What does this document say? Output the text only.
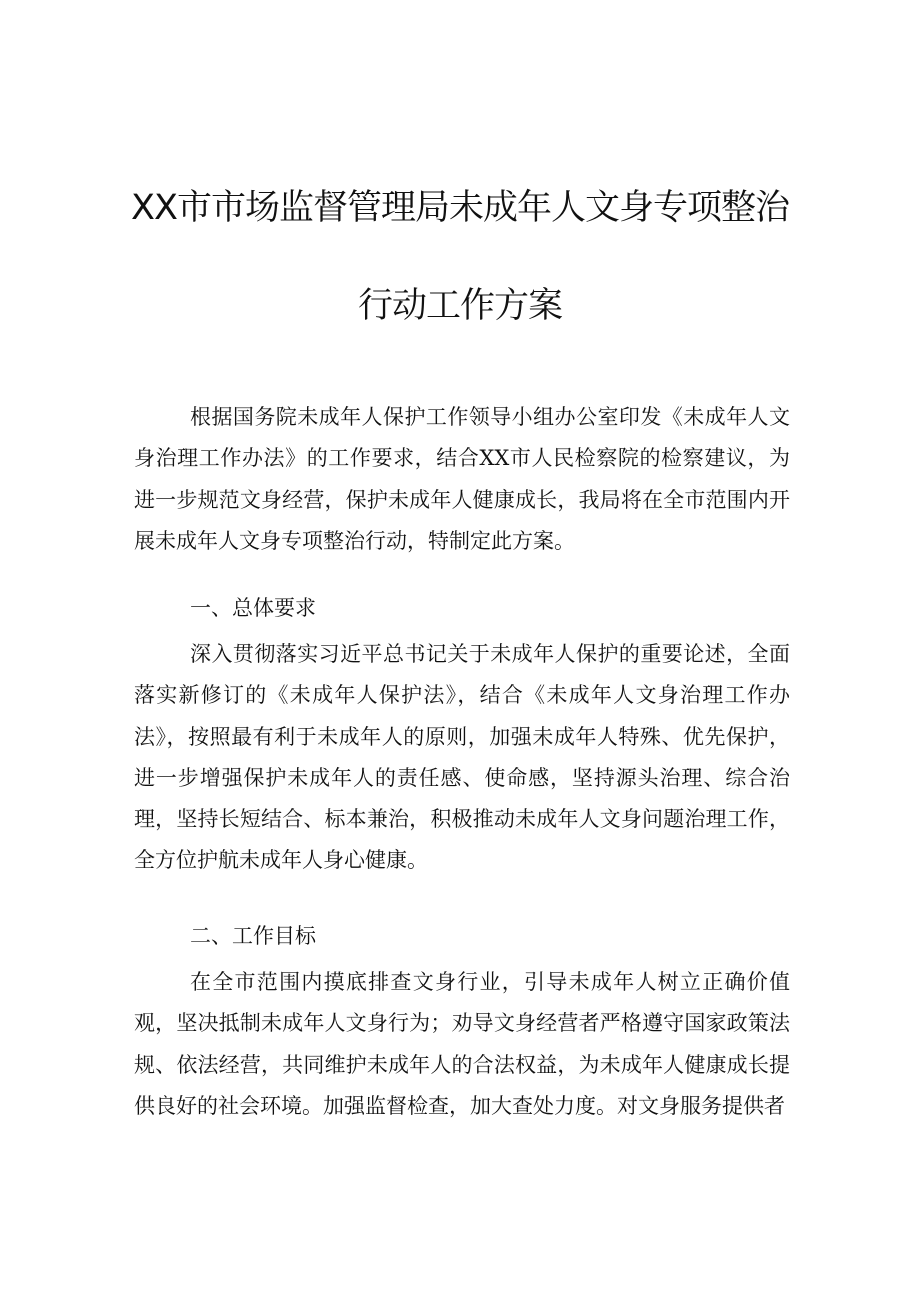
XX市市场监督管理局未成年人文身专项整治
行动工作方案

根据国务院未成年人保护工作领导小组办公室印发《未成年人文身治理工作办法》的工作要求，结合XX市人民检察院的检察建议，为进一步规范文身经营，保护未成年人健康成长，我局将在全市范围内开展未成年人文身专项整治行动，特制定此方案。

一、总体要求

深入贯彻落实习近平总书记关于未成年人保护的重要论述，全面落实新修订的《未成年人保护法》，结合《未成年人文身治理工作办法》，按照最有利于未成年人的原则，加强未成年人特殊、优先保护，进一步增强保护未成年人的责任感、使命感，坚持源头治理、综合治理，坚持长短结合、标本兼治，积极推动未成年人文身问题治理工作，全方位护航未成年人身心健康。

二、工作目标

在全市范围内摸底排查文身行业，引导未成年人树立正确价值观，坚决抵制未成年人文身行为；劝导文身经营者严格遵守国家政策法规、依法经营，共同维护未成年人的合法权益，为未成年人健康成长提供良好的社会环境。加强监督检查，加大查处力度。对文身服务提供者
